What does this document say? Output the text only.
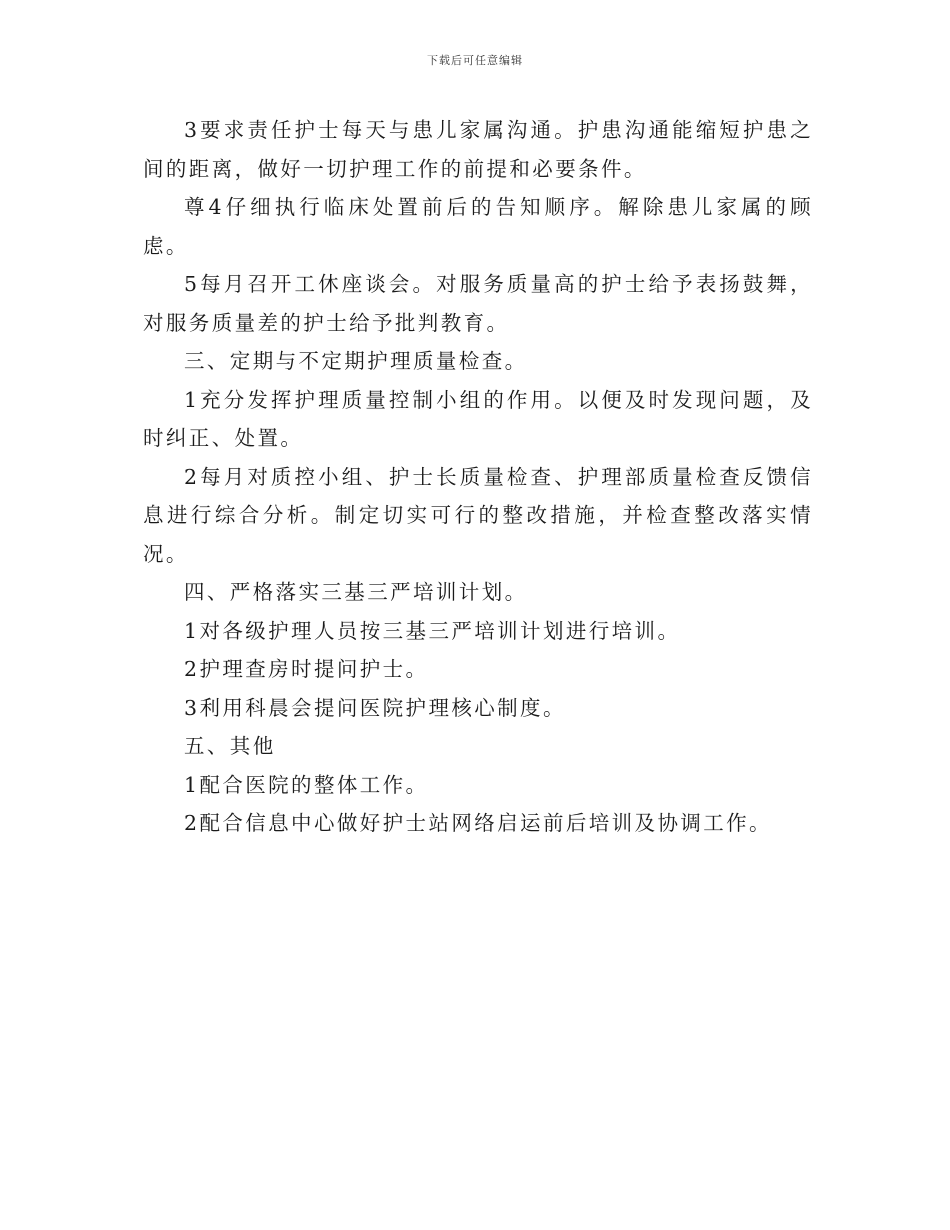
下载后可任意编辑

3要求责任护士每天与患儿家属沟通。护患沟通能缩短护患之间的距离，做好一切护理工作的前提和必要条件。

尊4仔细执行临床处置前后的告知顺序。解除患儿家属的顾虑。

5每月召开工休座谈会。对服务质量高的护士给予表扬鼓舞，对服务质量差的护士给予批判教育。

三、定期与不定期护理质量检查。

1充分发挥护理质量控制小组的作用。以便及时发现问题，及时纠正、处置。

2每月对质控小组、护士长质量检查、护理部质量检查反馈信息进行综合分析。制定切实可行的整改措施，并检查整改落实情况。

四、严格落实三基三严培训计划。

1对各级护理人员按三基三严培训计划进行培训。

2护理查房时提问护士。

3利用科晨会提问医院护理核心制度。

五、其他

1配合医院的整体工作。

2配合信息中心做好护士站网络启运前后培训及协调工作。
